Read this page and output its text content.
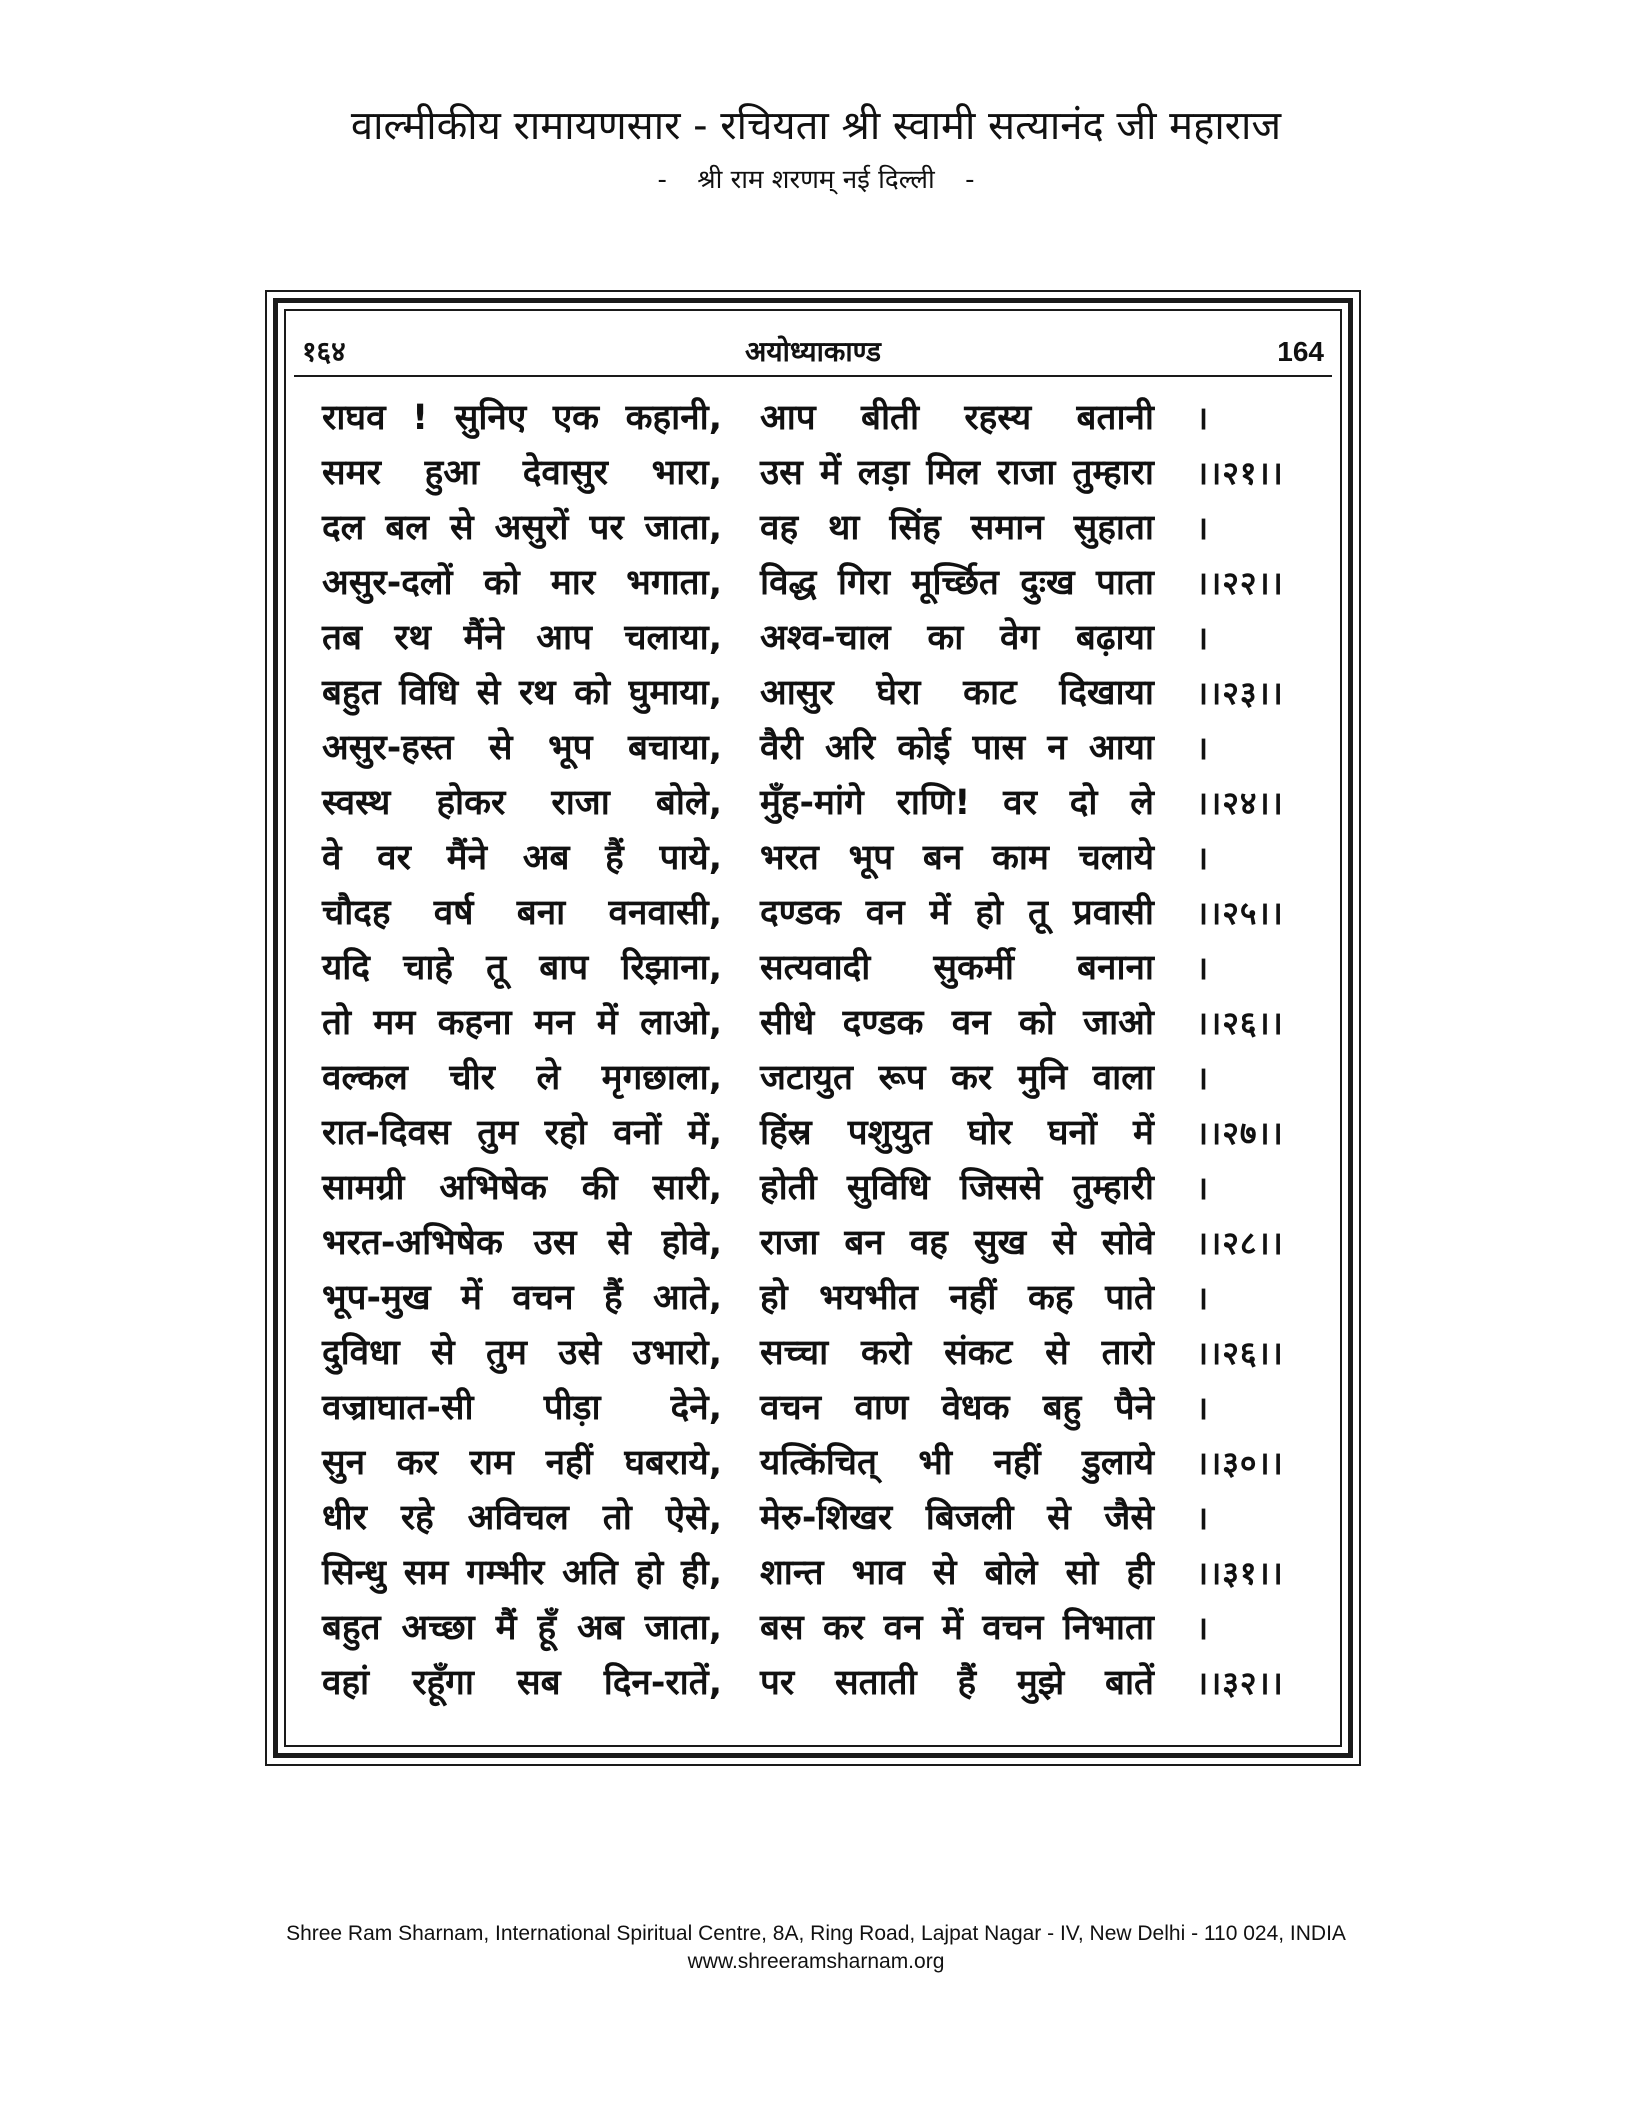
वाल्मीकीय रामायणसार - रचियता श्री स्वामी सत्यानंद जी महाराज
- श्री राम शरणम् नई दिल्ली -
१६४	अयोध्याकाण्ड	164
राघव ! सुनिए एक कहानी, आप बीती रहस्य बतानी ।
समर हुआ देवासुर भारा, उस में लड़ा मिल राजा तुम्हारा ।।२१।।
दल बल से असुरों पर जाता, वह था सिंह समान सुहाता ।
असुर-दलों को मार भगाता, विद्ध गिरा मूर्च्छित दुःख पाता ।।२२।।
तब रथ मैंने आप चलाया, अश्व-चाल का वेग बढ़ाया ।
बहुत विधि से रथ को घुमाया, आसुर घेरा काट दिखाया ।।२३।।
असुर-हस्त से भूप बचाया, वैरी अरि कोई पास न आया ।
स्वस्थ होकर राजा बोले, मुँह-मांगे राणि! वर दो ले ।।२४।।
वे वर मैंने अब हैं पाये, भरत भूप बन काम चलाये ।
चौदह वर्ष बना वनवासी, दण्डक वन में हो तू प्रवासी ।।२५।।
यदि चाहे तू बाप रिझाना, सत्यवादी सुकर्मी बनाना ।
तो मम कहना मन में लाओ, सीधे दण्डक वन को जाओ ।।२६।।
वल्कल चीर ले मृगछाला, जटायुत रूप कर मुनि वाला ।
रात-दिवस तुम रहो वनों में, हिंस्र पशुयुत घोर घनों में ।।२७।।
सामग्री अभिषेक की सारी, होती सुविधि जिससे तुम्हारी ।
भरत-अभिषेक उस से होवे, राजा बन वह सुख से सोवे ।।२८।।
भूप-मुख में वचन हैं आते, हो भयभीत नहीं कह पाते ।
दुविधा से तुम उसे उभारो, सच्चा करो संकट से तारो ।।२६।।
वज्राघात-सी पीड़ा देने, वचन वाण वेधक बहु पैने ।
सुन कर राम नहीं घबराये, यत्किंचित् भी नहीं डुलाये ।।३०।।
धीर रहे अविचल तो ऐसे, मेरु-शिखर बिजली से जैसे ।
सिन्धु सम गम्भीर अति हो ही, शान्त भाव से बोले सो ही ।।३१।।
बहुत अच्छा मैं हूँ अब जाता, बस कर वन में वचन निभाता ।
वहां रहूँगा सब दिन-रातें, पर सताती हैं मुझे बातें ।।३२।।
Shree Ram Sharnam, International Spiritual Centre, 8A, Ring Road, Lajpat Nagar - IV, New Delhi - 110 024, INDIA
www.shreeramsharnam.org
